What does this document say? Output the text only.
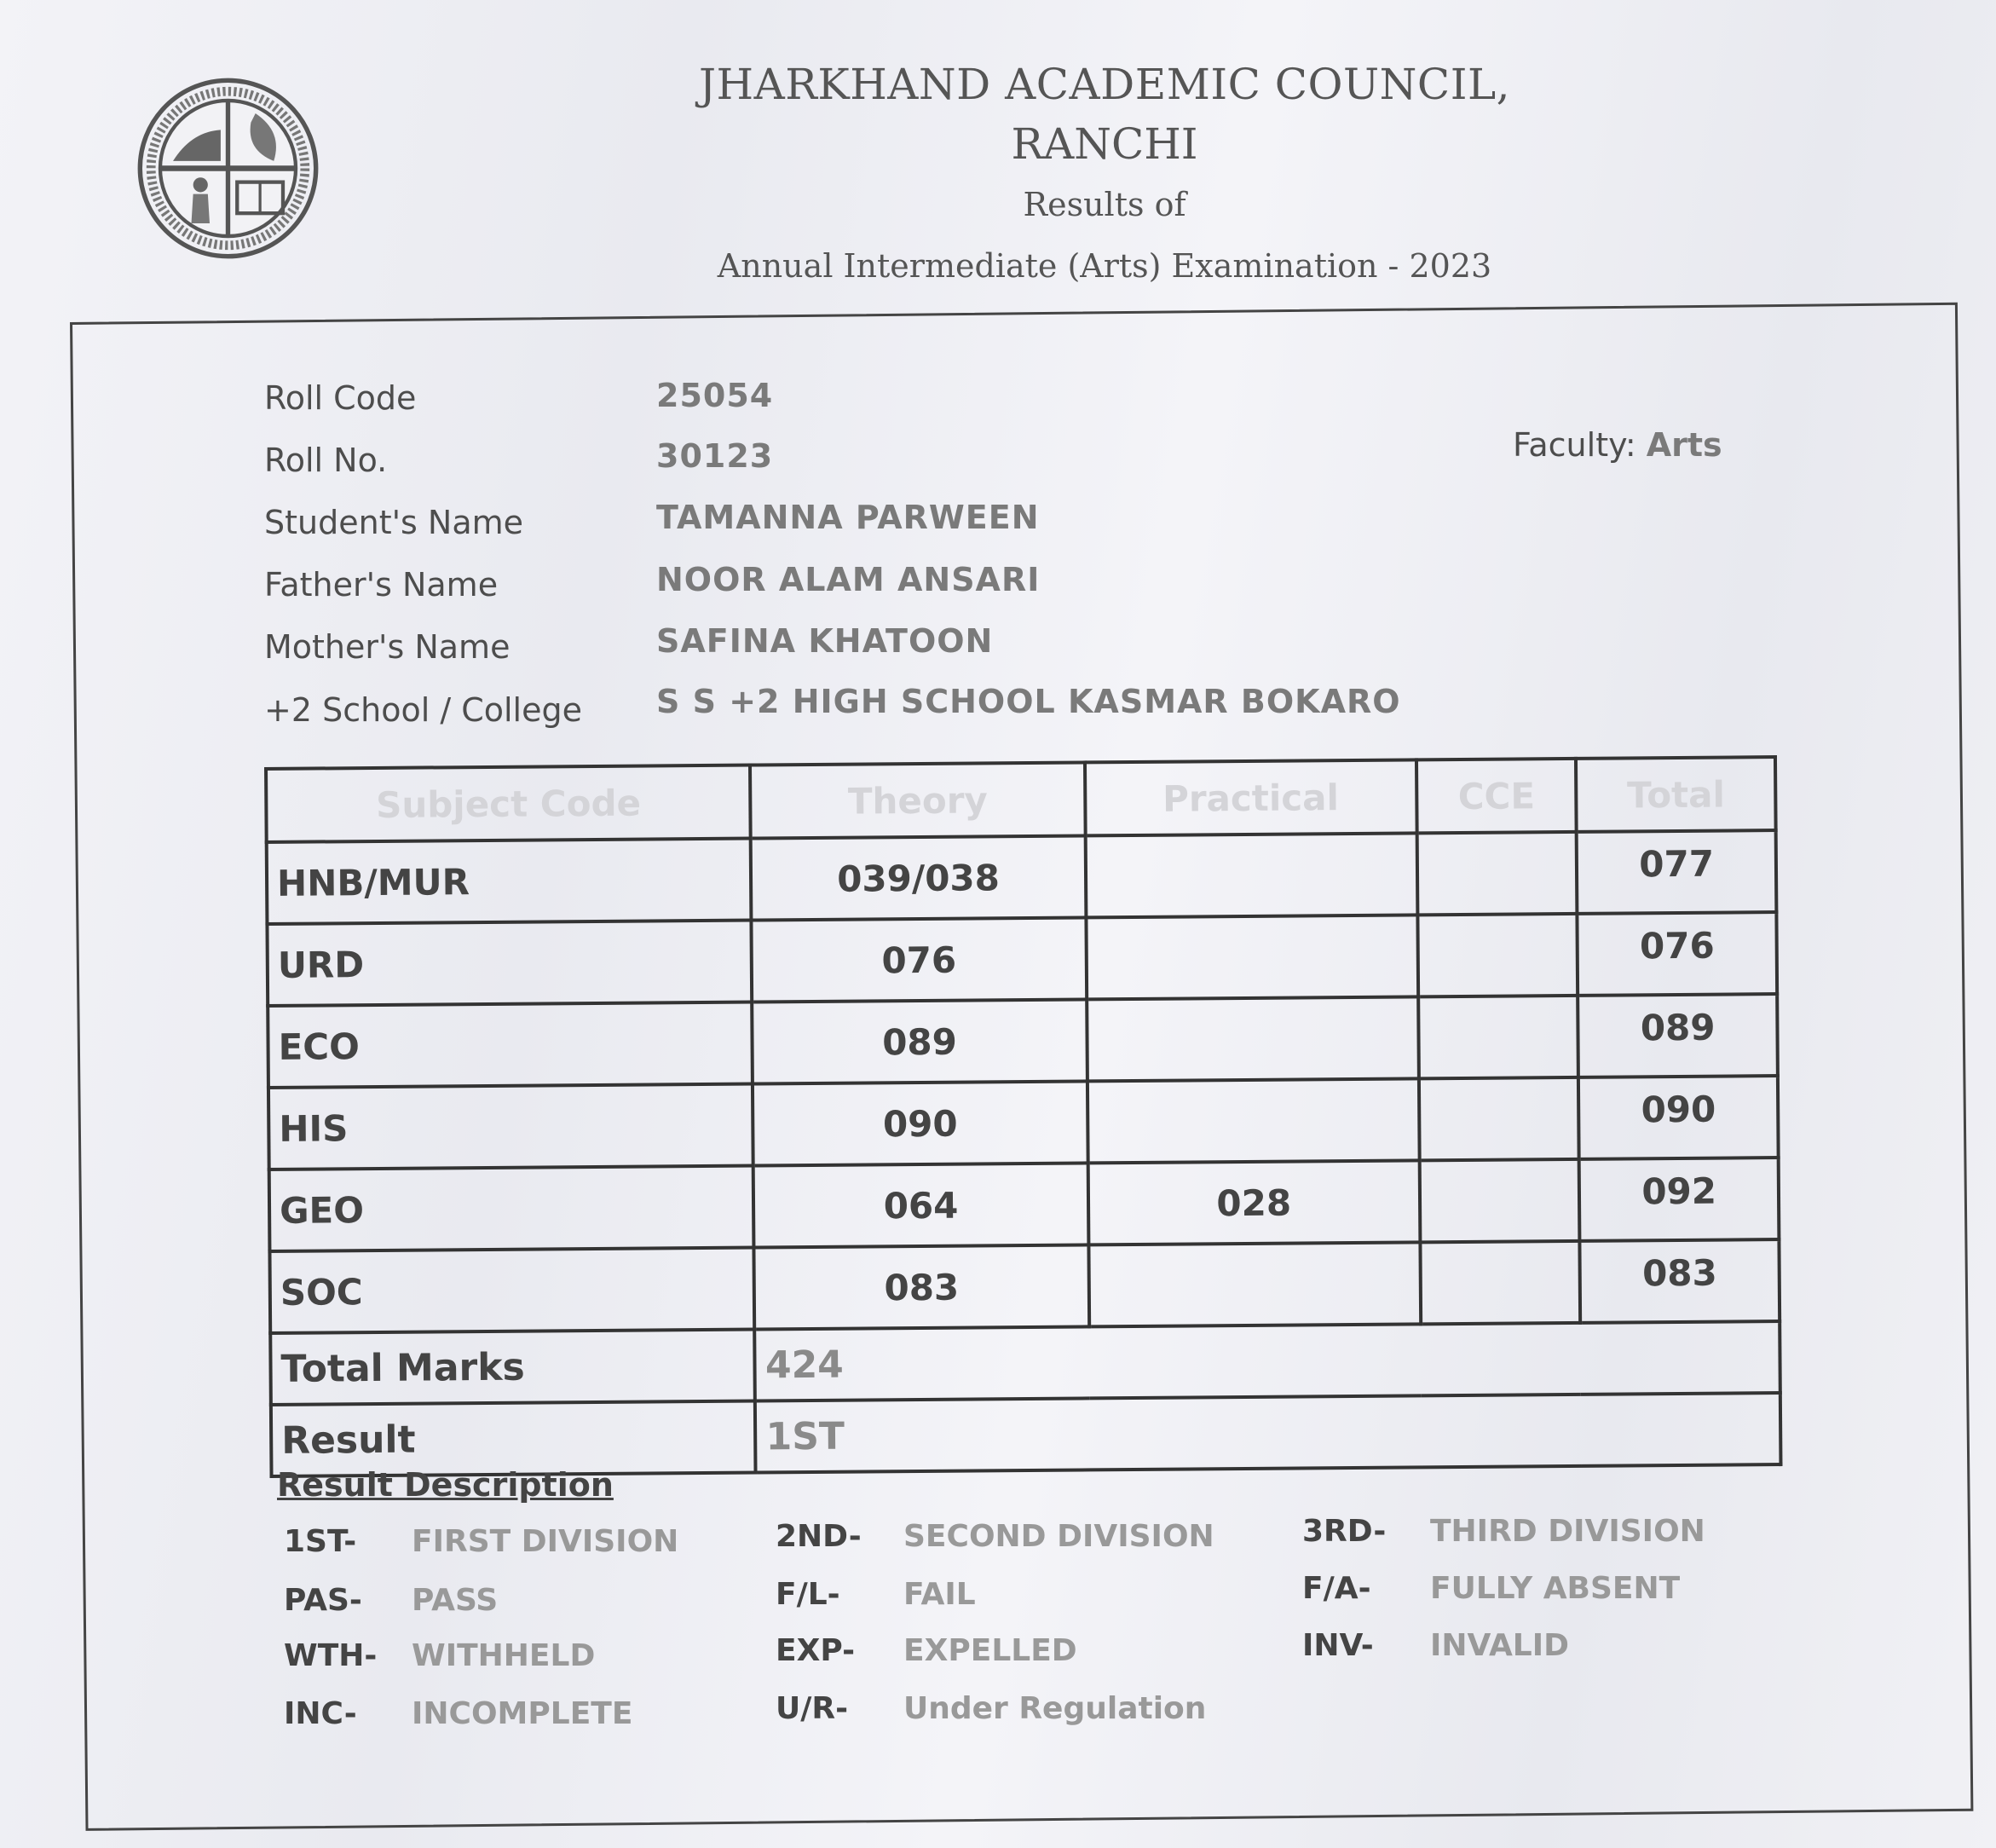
JHARKHAND ACADEMIC COUNCIL,
RANCHI
Results of
Annual Intermediate (Arts) Examination - 2023
Roll Code	25054
Roll No.	30123
Student's Name	TAMANNA PARWEEN
Father's Name	NOOR ALAM ANSARI
Mother's Name	SAFINA KHATOON
+2 School / College S S +2 HIGH SCHOOL KASMAR BOKARO
Faculty: Arts
Subject Code	Theory	Practical	CCE	Total
HNB/MUR	039/038			077
URD	076			076
ECO	089			089
HIS	090			090
GEO	064	028		092
SOC	083			083
Total Marks	424			
Result	1ST			
Result Description
1ST- FIRST DIVISION
PAS- PASS
WTH- WITHHELD
INC- INCOMPLETE
2ND- SECOND DIVISION
F/L- FAIL
EXP- EXPELLED
U/R- Under Regulation
3RD- THIRD DIVISION
F/A- FULLY ABSENT
INV- INVALID
